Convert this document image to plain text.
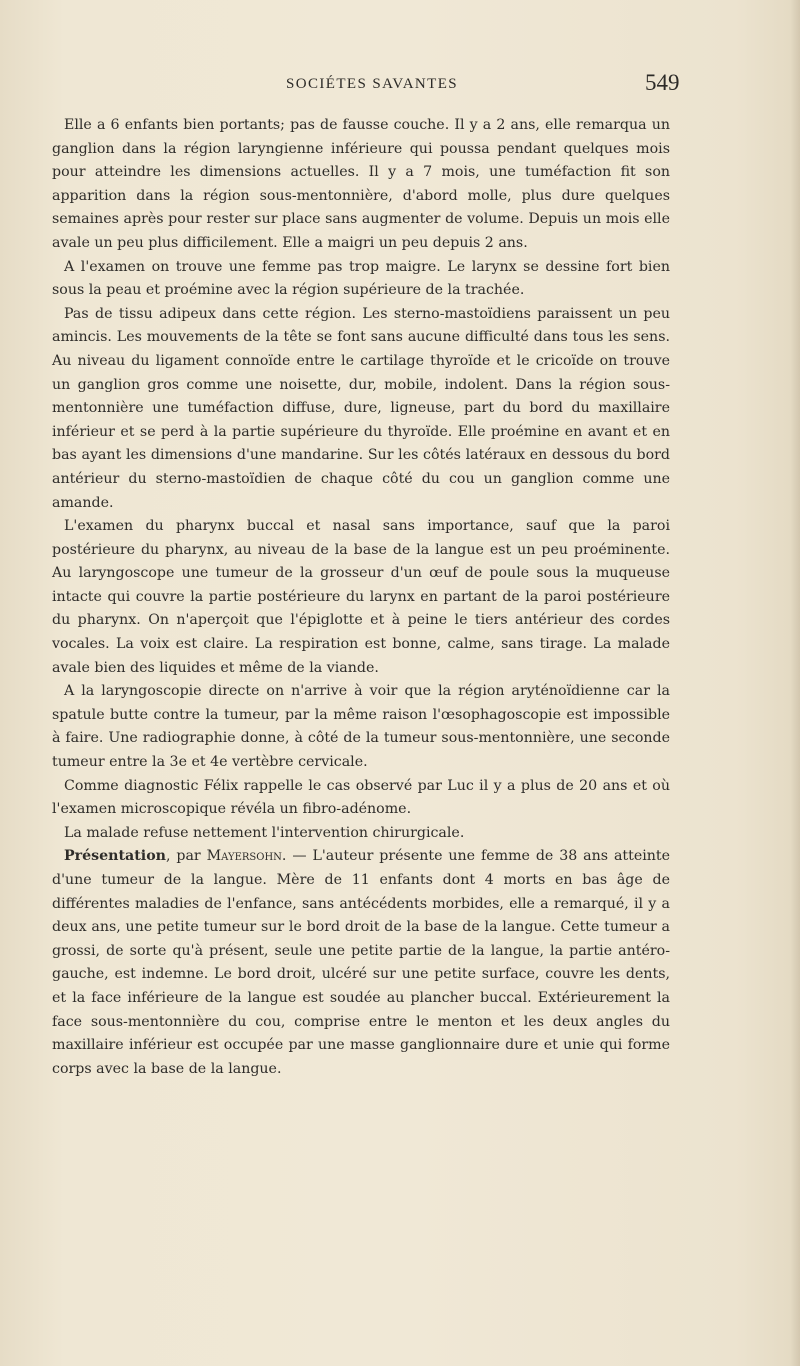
SOCIÉTES SAVANTES	549

Elle a 6 enfants bien portants; pas de fausse couche. Il y a 2 ans, elle remarqua un ganglion dans la région laryngienne inférieure qui poussa pendant quelques mois pour atteindre les dimensions actuelles. Il y a 7 mois, une tuméfaction fit son apparition dans la région sous-mentonnière, d'abord molle, plus dure quelques semaines après pour rester sur place sans augmenter de volume. Depuis un mois elle avale un peu plus difficilement. Elle a maigri un peu depuis 2 ans.

A l'examen on trouve une femme pas trop maigre. Le larynx se dessine fort bien sous la peau et proémine avec la région supérieure de la trachée.

Pas de tissu adipeux dans cette région. Les sterno-mastoïdiens paraissent un peu amincis. Les mouvements de la tête se font sans aucune difficulté dans tous les sens. Au niveau du ligament connoïde entre le cartilage thyroïde et le cricoïde on trouve un ganglion gros comme une noisette, dur, mobile, indolent. Dans la région sous-mentonnière une tuméfaction diffuse, dure, ligneuse, part du bord du maxillaire inférieur et se perd à la partie supérieure du thyroïde. Elle proémine en avant et en bas ayant les dimensions d'une mandarine. Sur les côtés latéraux en dessous du bord antérieur du sterno-mastoïdien de chaque côté du cou un ganglion comme une amande.

L'examen du pharynx buccal et nasal sans importance, sauf que la paroi postérieure du pharynx, au niveau de la base de la langue est un peu proéminente. Au laryngoscope une tumeur de la grosseur d'un œuf de poule sous la muqueuse intacte qui couvre la partie postérieure du larynx en partant de la paroi postérieure du pharynx. On n'aperçoit que l'épiglotte et à peine le tiers antérieur des cordes vocales. La voix est claire. La respiration est bonne, calme, sans tirage. La malade avale bien des liquides et même de la viande.

A la laryngoscopie directe on n'arrive à voir que la région aryténoïdienne car la spatule butte contre la tumeur, par la même raison l'œsophagoscopie est impossible à faire. Une radiographie donne, à côté de la tumeur sous-mentonnière, une seconde tumeur entre la 3e et 4e vertèbre cervicale.

Comme diagnostic Félix rappelle le cas observé par Luc il y a plus de 20 ans et où l'examen microscopique révéla un fibro-adénome.

La malade refuse nettement l'intervention chirurgicale.

Présentation, par Mayersohn. — L'auteur présente une femme de 38 ans atteinte d'une tumeur de la langue. Mère de 11 enfants dont 4 morts en bas âge de différentes maladies de l'enfance, sans antécédents morbides, elle a remarqué, il y a deux ans, une petite tumeur sur le bord droit de la base de la langue. Cette tumeur a grossi, de sorte qu'à présent, seule une petite partie de la langue, la partie antéro-gauche, est indemne. Le bord droit, ulcéré sur une petite surface, couvre les dents, et la face inférieure de la langue est soudée au plancher buccal. Extérieurement la face sous-mentonnière du cou, comprise entre le menton et les deux angles du maxillaire inférieur est occupée par une masse ganglionnaire dure et unie qui forme corps avec la base de la langue.
